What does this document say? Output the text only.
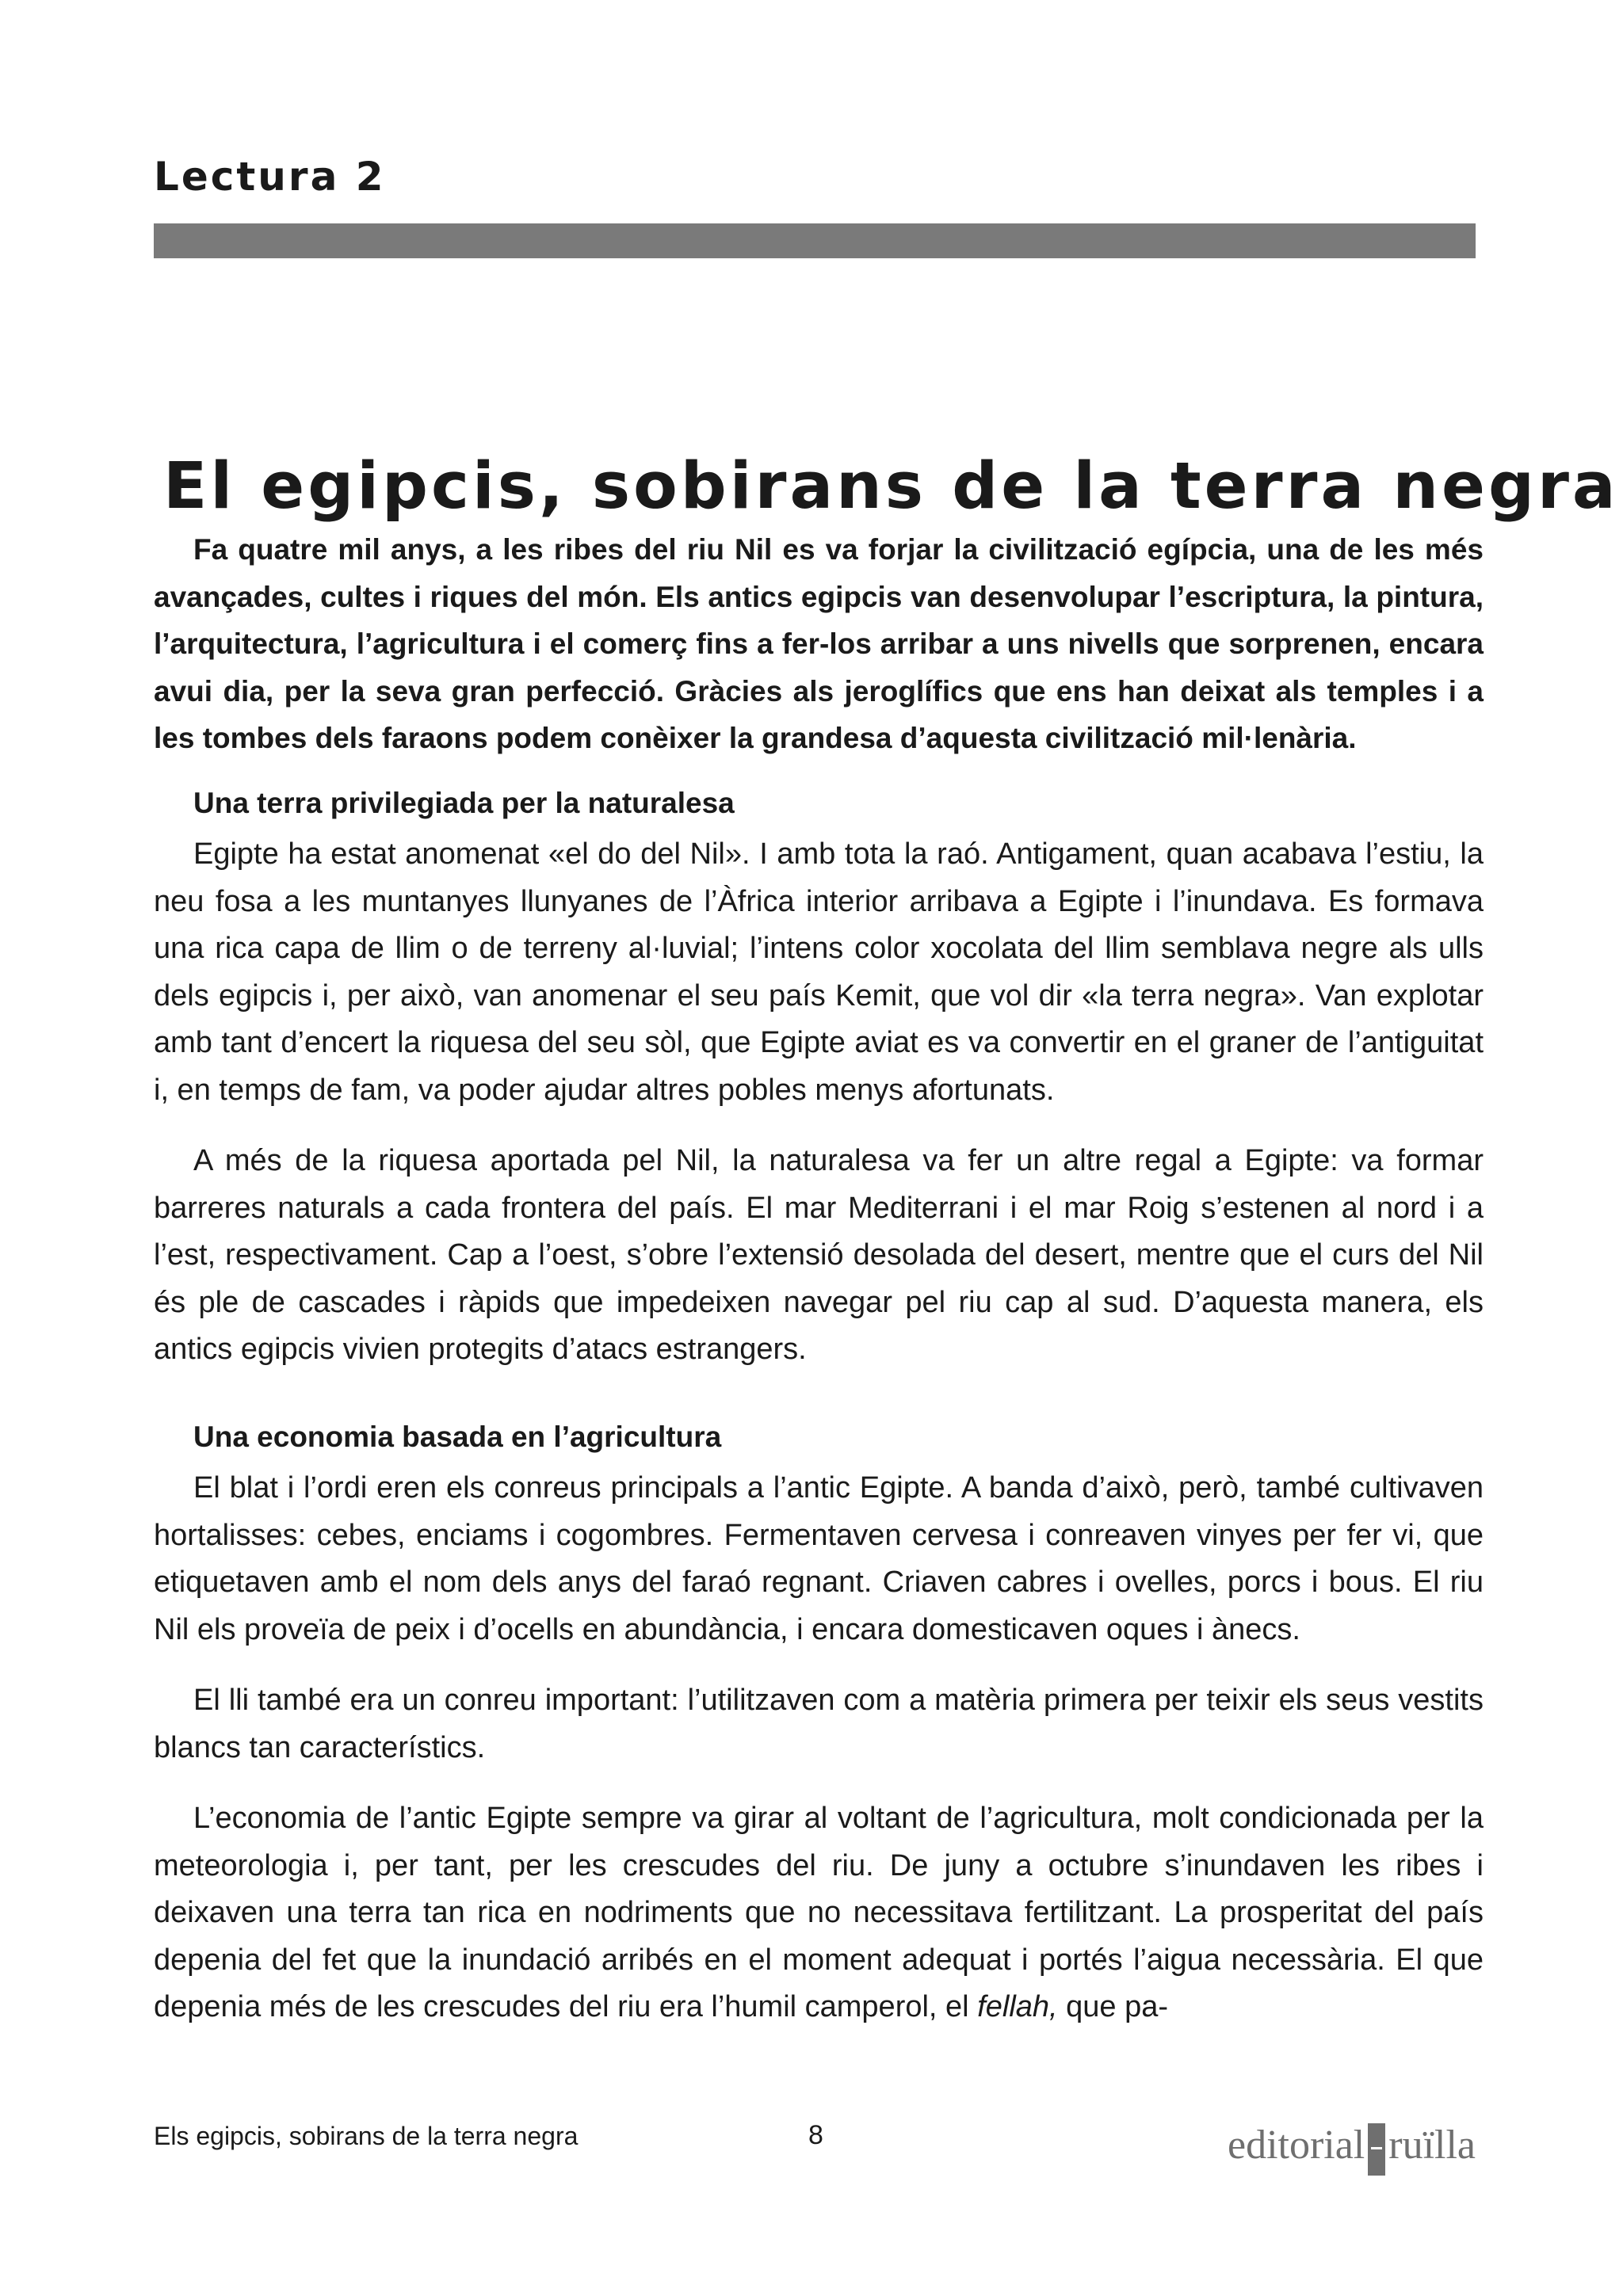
Lectura 2
El egipcis, sobirans de la terra negra

Fa quatre mil anys, a les ribes del riu Nil es va forjar la civilització egípcia, una de les més avançades, cultes i riques del món. Els antics egipcis van desenvolupar l’escriptura, la pintura, l’arquitectura, l’agricultura i el comerç fins a fer-los arribar a uns nivells que sorprenen, encara avui dia, per la seva gran perfecció. Gràcies als jeroglífics que ens han deixat als temples i a les tombes dels faraons podem conèixer la grandesa d’aquesta civilització mil·lenària.

Una terra privilegiada per la naturalesa

Egipte ha estat anomenat «el do del Nil». I amb tota la raó. Antigament, quan acabava l’estiu, la neu fosa a les muntanyes llunyanes de l’Àfrica interior arribava a Egipte i l’inundava. Es formava una rica capa de llim o de terreny al·luvial; l’intens color xocolata del llim semblava negre als ulls dels egipcis i, per això, van anomenar el seu país Kemit, que vol dir «la terra negra». Van explotar amb tant d’encert la riquesa del seu sòl, que Egipte aviat es va convertir en el graner de l’antiguitat i, en temps de fam, va poder ajudar altres pobles menys afortunats.

A més de la riquesa aportada pel Nil, la naturalesa va fer un altre regal a Egipte: va formar barreres naturals a cada frontera del país. El mar Mediterrani i el mar Roig s’estenen al nord i a l’est, respectivament. Cap a l’oest, s’obre l’extensió desolada del desert, mentre que el curs del Nil és ple de cascades i ràpids que impedeixen navegar pel riu cap al sud. D’aquesta manera, els antics egipcis vivien protegits d’atacs estrangers.

Una economia basada en l’agricultura

El blat i l’ordi eren els conreus principals a l’antic Egipte. A banda d’això, però, també cultivaven hortalisses: cebes, enciams i cogombres. Fermentaven cervesa i conreaven vinyes per fer vi, que etiquetaven amb el nom dels anys del faraó regnant. Criaven cabres i ovelles, porcs i bous. El riu Nil els proveïa de peix i d’ocells en abundància, i encara domesticaven oques i ànecs.

El lli també era un conreu important: l’utilitzaven com a matèria primera per teixir els seus vestits blancs tan característics.

L’economia de l’antic Egipte sempre va girar al voltant de l’agricultura, molt condicionada per la meteorologia i, per tant, per les crescudes del riu. De juny a octubre s’inundaven les ribes i deixaven una terra tan rica en nodriments que no necessitava fertilitzant. La prosperitat del país depenia del fet que la inundació arribés en el moment adequat i portés l’aigua necessària. El que depenia més de les crescudes del riu era l’humil camperol, el fellah, que pa-

Els egipcis, sobirans de la terra negra	8	editorial ruïlla
